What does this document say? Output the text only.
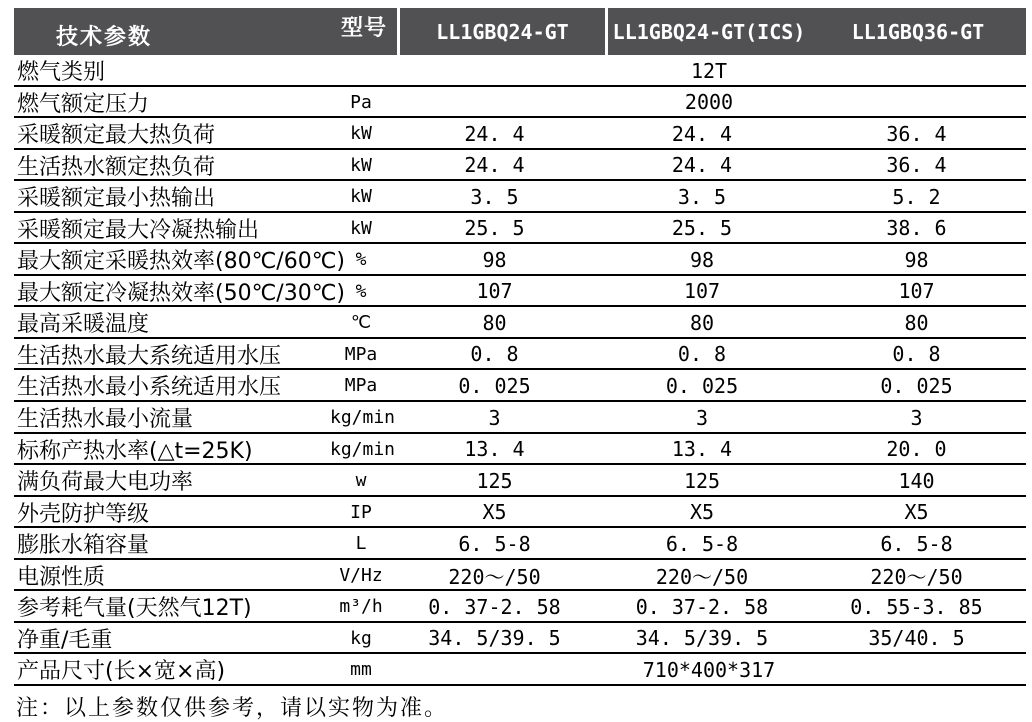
技术参数	型号	LL1GBQ24-GT	LL1GBQ24-GT(ICS)	LL1GBQ36-GT
燃气类别	12T
燃气额定压力	Pa	2000
采暖额定最大热负荷	kW	24. 4	24. 4	36. 4
生活热水额定热负荷	kW	24. 4	24. 4	36. 4
采暖额定最小热输出	kW	3. 5	3. 5	5. 2
采暖额定最大冷凝热输出	kW	25. 5	25. 5	38. 6
最大额定采暖热效率(80℃/60℃) %	98	98	98
最大额定冷凝热效率(50℃/30℃) %	107	107	107
最高采暖温度	℃	80	80	80
生活热水最大系统适用水压	MPa	0. 8	0. 8	0. 8
生活热水最小系统适用水压	MPa	0. 025	0. 025	0. 025
生活热水最小流量	kg/min	3	3	3
标称产热水率(△t=25K)	kg/min	13. 4	13. 4	20. 0
满负荷最大电功率	w	125	125	140
外壳防护等级	IP	X5	X5	X5
膨胀水箱容量	L	6. 5-8	6. 5-8	6. 5-8
电源性质	V/Hz	220～/50	220～/50	220～/50
参考耗气量(天然气12T)	m³/h	0. 37-2. 58	0. 37-2. 58	0. 55-3. 85
净重/毛重	kg	34. 5/39. 5	34. 5/39. 5	35/40. 5
产品尺寸(长×宽×高)	mm	710*400*317
注：以上参数仅供参考，请以实物为准。
